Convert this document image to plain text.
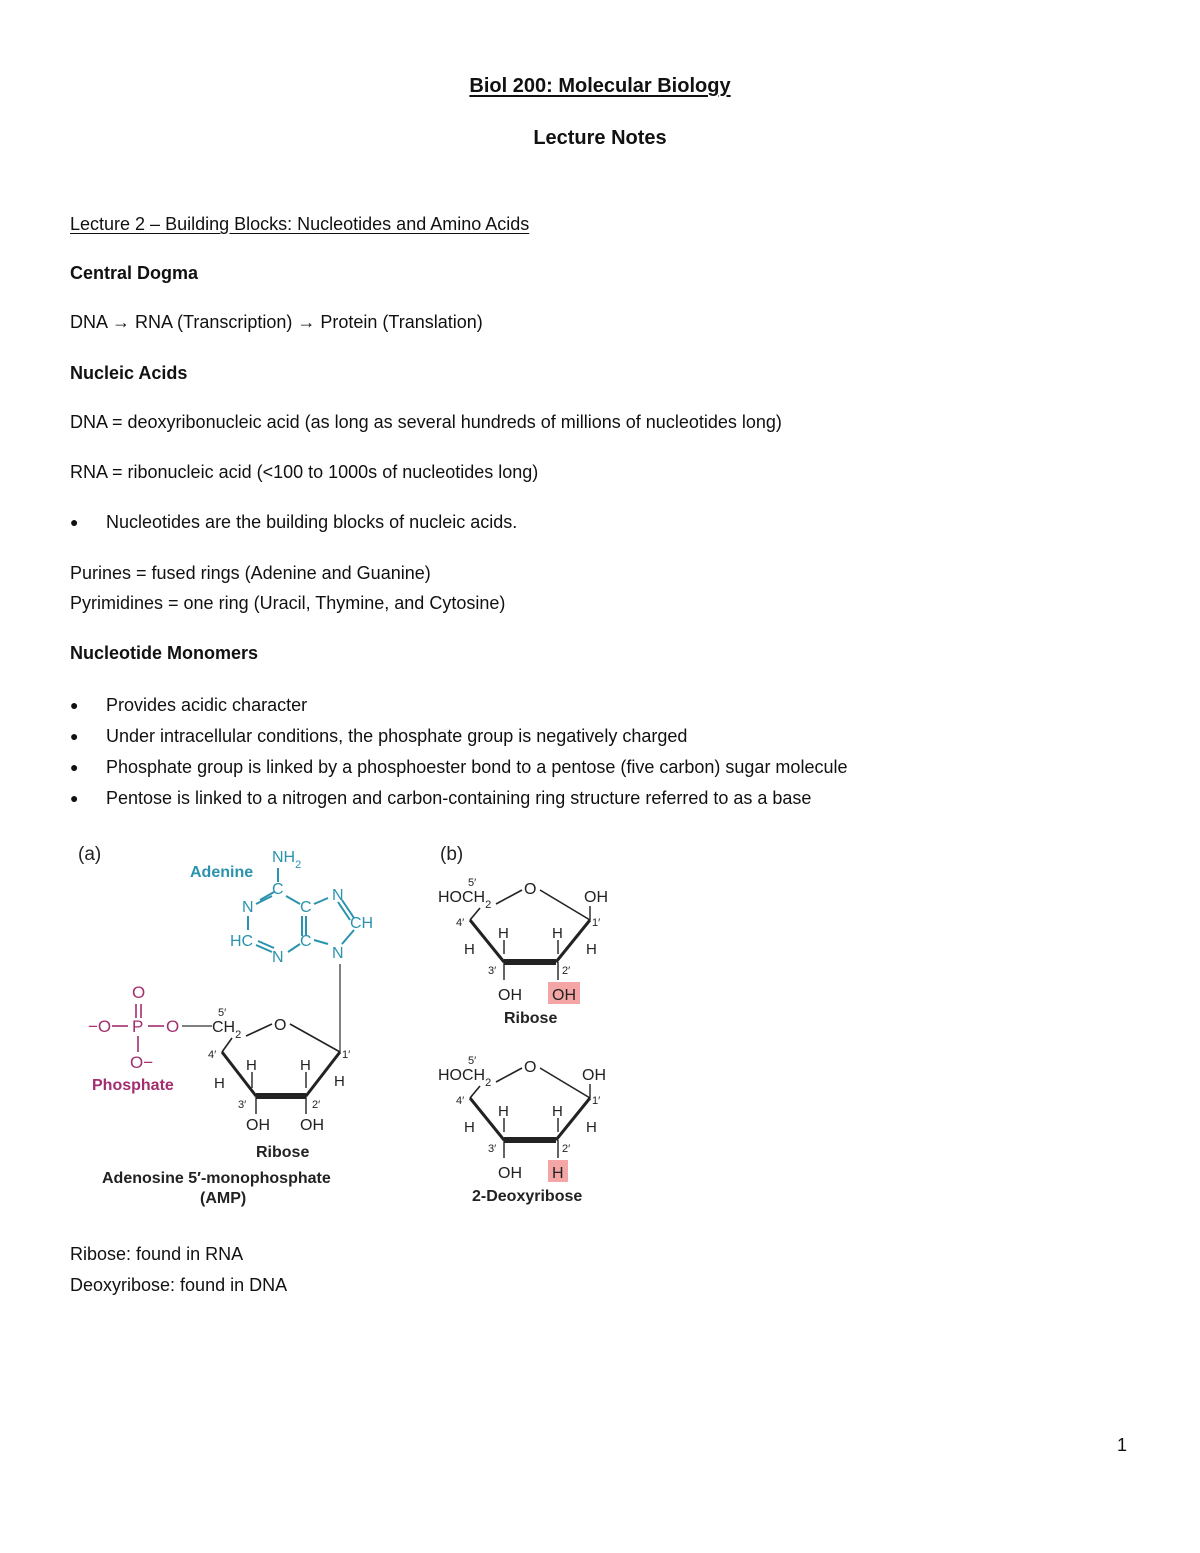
Biol 200: Molecular Biology
Lecture Notes
Lecture 2 – Building Blocks: Nucleotides and Amino Acids
Central Dogma
DNA → RNA (Transcription) → Protein (Translation)
Nucleic Acids
DNA = deoxyribonucleic acid (as long as several hundreds of millions of nucleotides long)
RNA = ribonucleic acid (<100 to 1000s of nucleotides long)
● Nucleotides are the building blocks of nucleic acids.
Purines = fused rings (Adenine and Guanine)
Pyrimidines = one ring (Uracil, Thymine, and Cytosine)
Nucleotide Monomers
● Provides acidic character
● Under intracellular conditions, the phosphate group is negatively charged
● Phosphate group is linked by a phosphoester bond to a pentose (five carbon) sugar molecule
● Pentose is linked to a nitrogen and carbon-containing ring structure referred to as a base
(a)
Adenine
$NH_2$
C
N	C
N
CH
HC	C
N	N
O
−O P O
O−
Phosphate
5′
$CH_2$
O
4′	1′
H	H
H	H
3′	2′
OH OH
Ribose
Adenosine 5′-monophosphate
(AMP)
(b)
5′
$HOCH_2$
O	OH
4′	1′
H	H
H	H
3′	2′
OH OH
Ribose
5′
$HOCH_2$
O	OH
4′	1′
H	H
H	H
3′	2′
OH H
2-Deoxyribose
Ribose: found in RNA
Deoxyribose: found in DNA
1
